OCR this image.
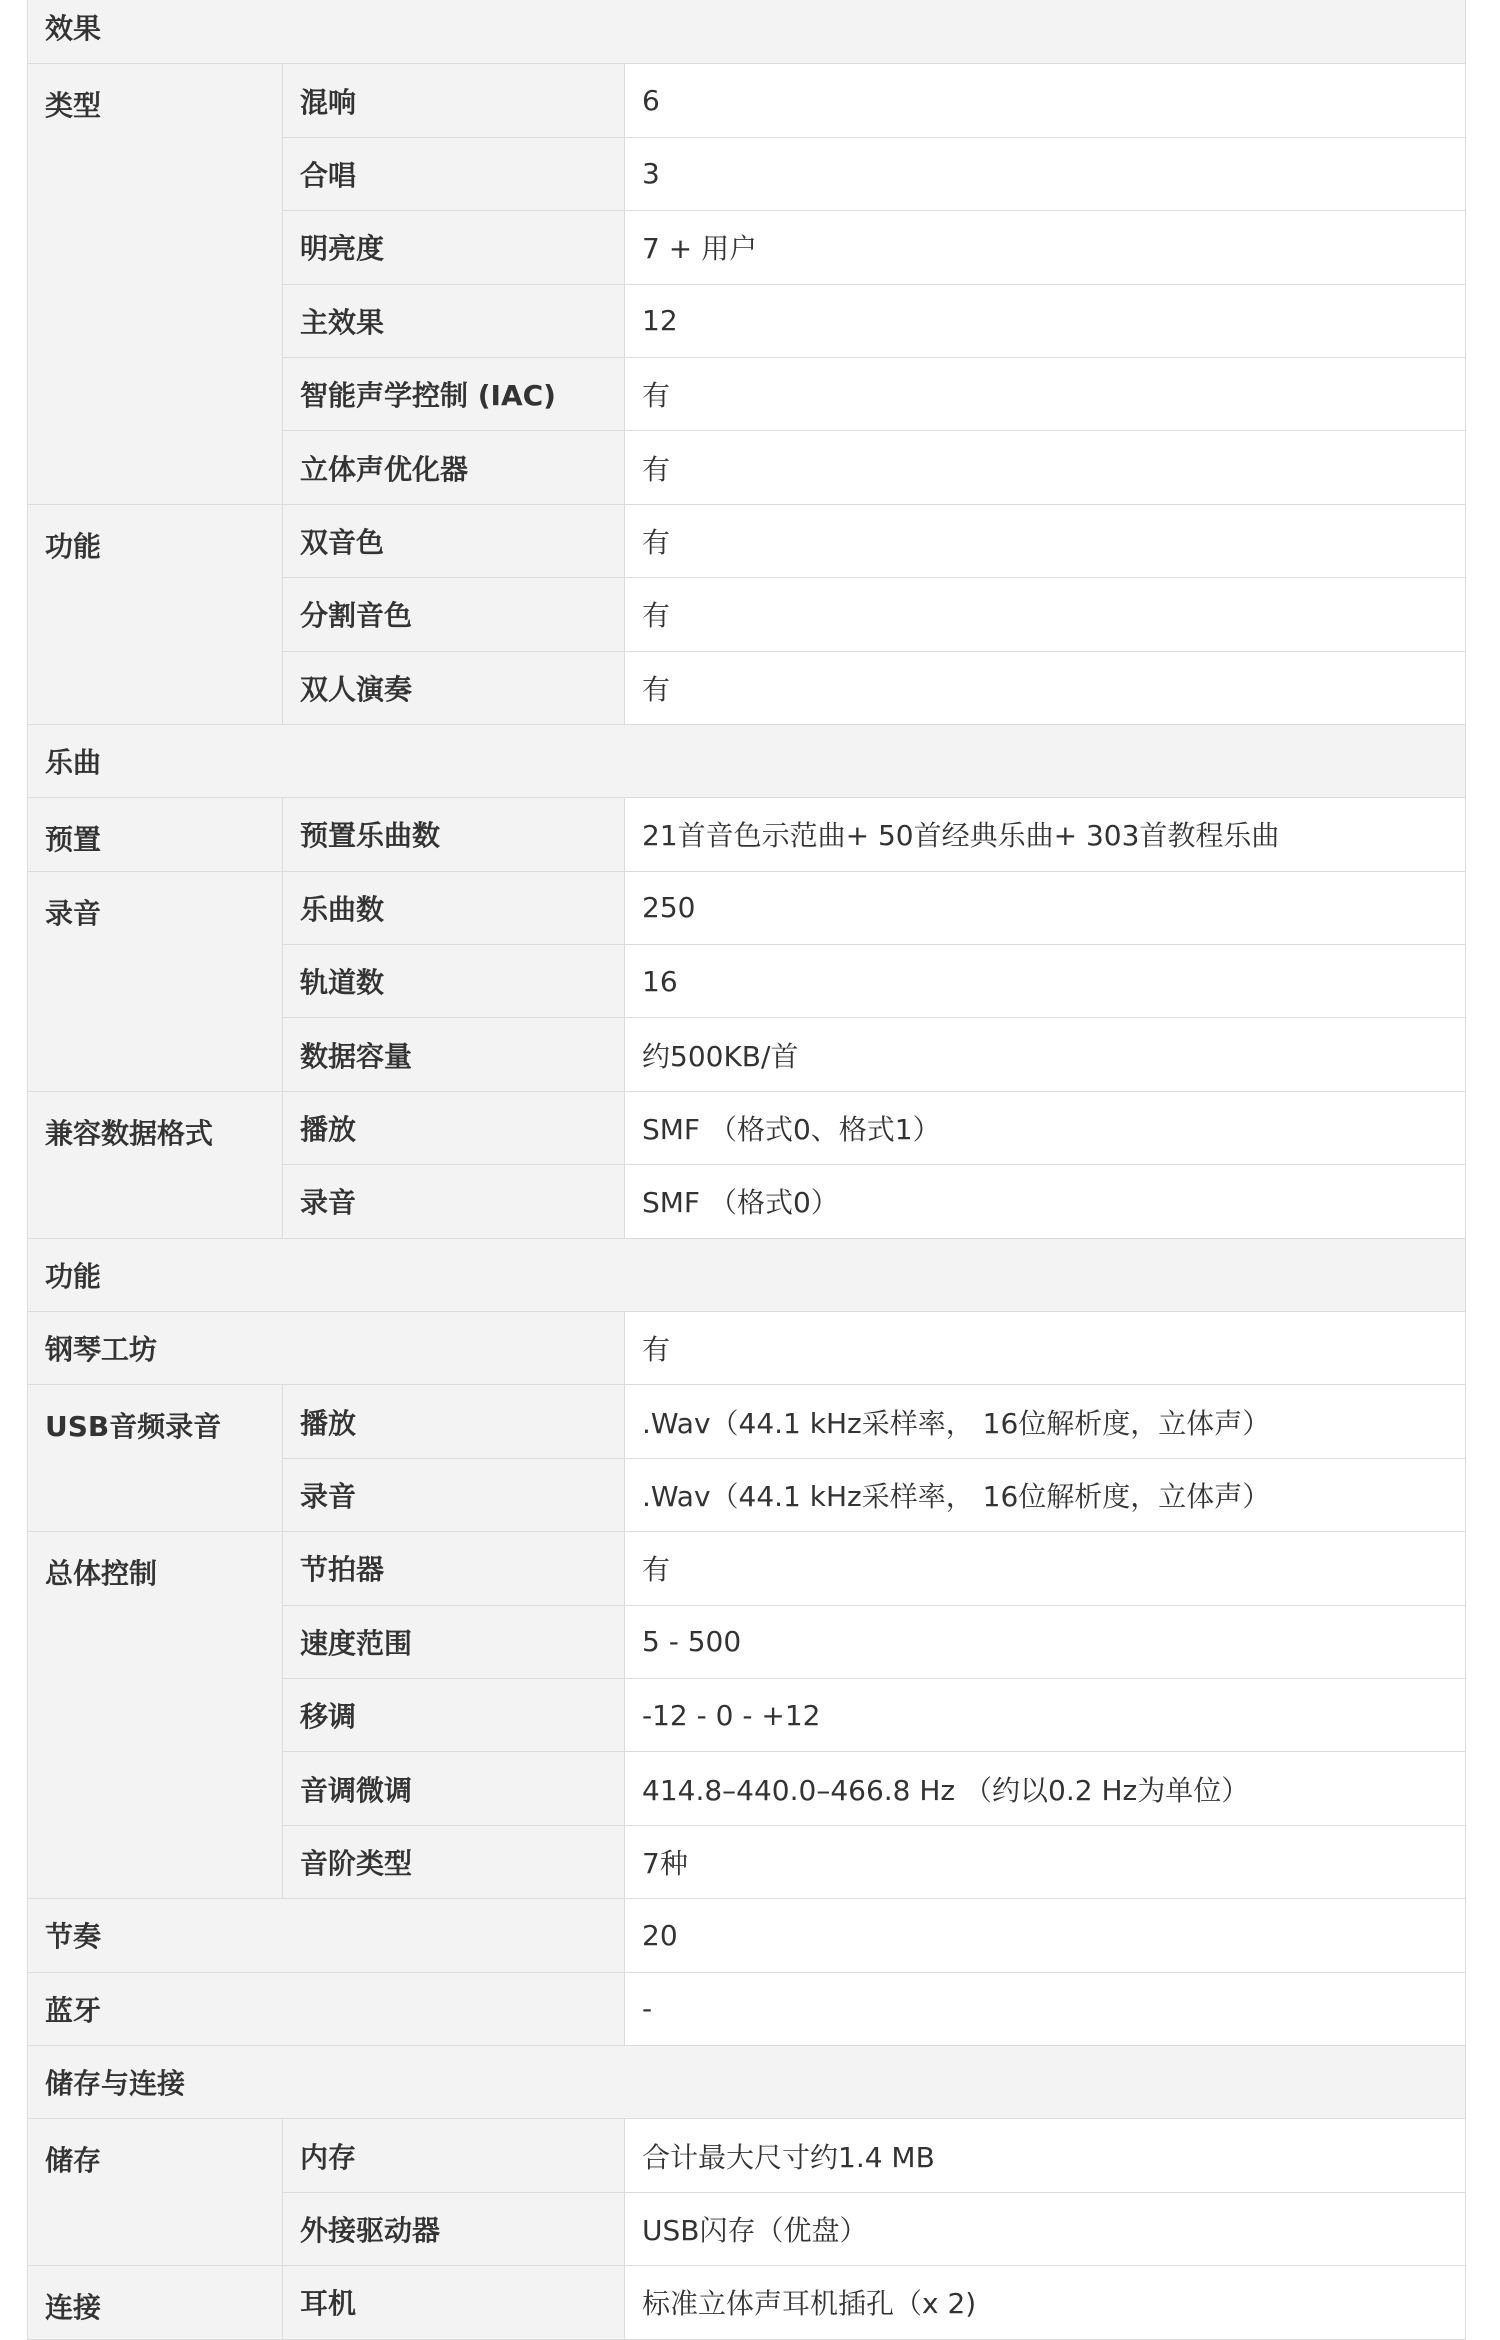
效果		
类型	混响	6
	合唱	3
	明亮度	7 + 用户
	主效果	12
	智能声学控制 (IAC)	有
	立体声优化器	有
功能	双音色	有
	分割音色	有
	双人演奏	有
乐曲		
预置	预置乐曲数	21首音色示范曲+ 50首经典乐曲+ 303首教程乐曲
录音	乐曲数	250
	轨道数	16
	数据容量	约500KB/首
兼容数据格式	播放	SMF （格式0、格式1）
	录音	SMF （格式0）
功能		
钢琴工坊		有
USB音频录音	播放	.Wav（44.1 kHz采样率， 16位解析度，立体声）
	录音	.Wav（44.1 kHz采样率， 16位解析度，立体声）
总体控制	节拍器	有
	速度范围	5 - 500
	移调	-12 - 0 - +12
	音调微调	414.8–440.0–466.8 Hz （约以0.2 Hz为单位）
	音阶类型	7种
节奏		20
蓝牙		-
储存与连接		
储存	内存	合计最大尺寸约1.4 MB
	外接驱动器	USB闪存（优盘）
连接	耳机	标准立体声耳机插孔（x 2)
